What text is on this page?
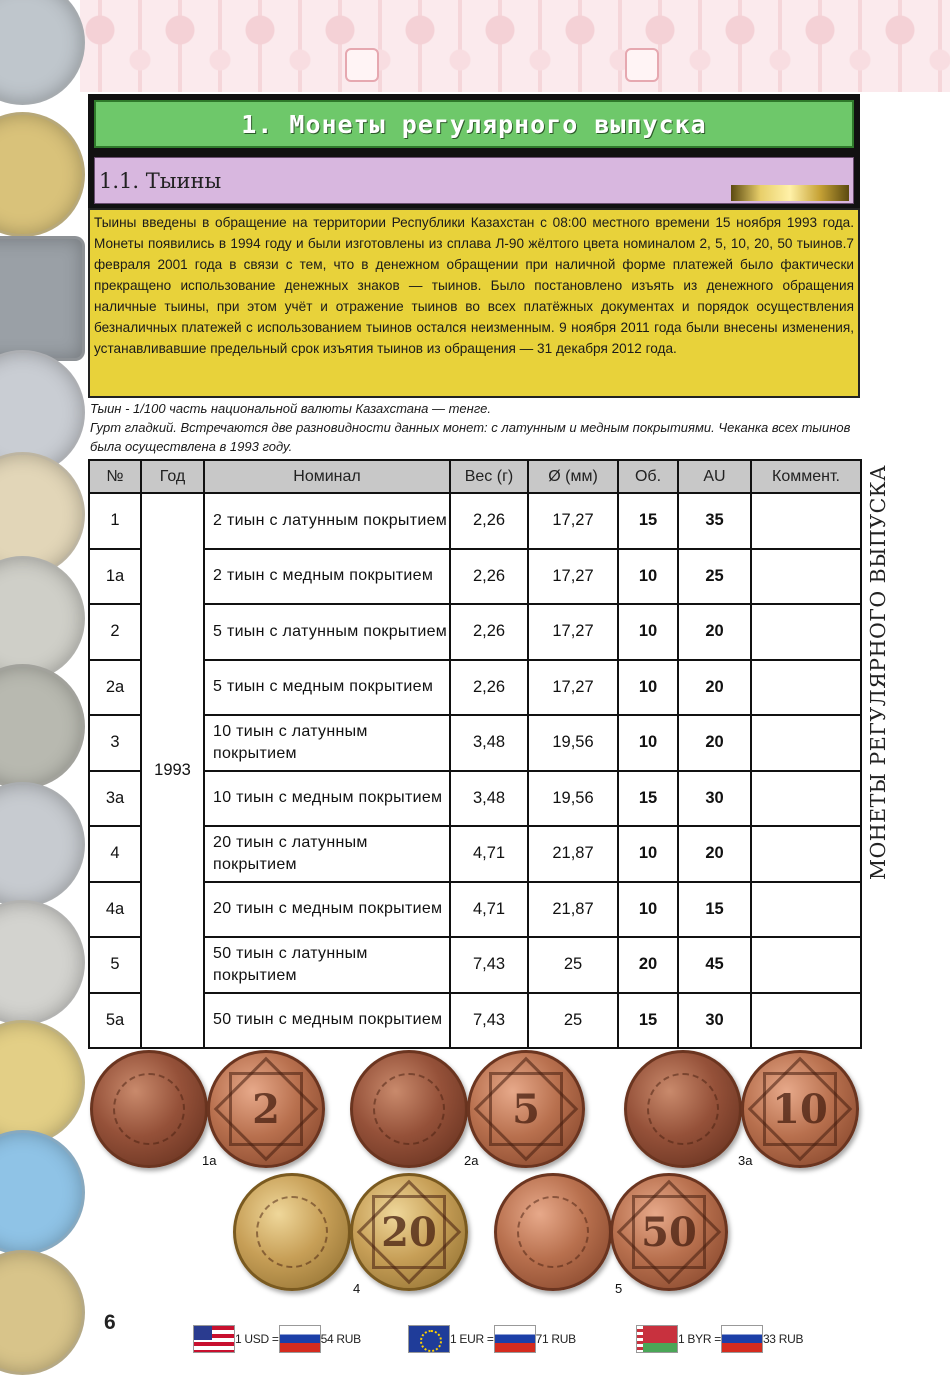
1. Монеты регулярного выпуска
1.1. Тыины
Тыины введены в обращение на территории Республики Казахстан с 08:00 местного времени 15 ноября 1993 года. Монеты появились в 1994 году и были изготовлены из сплава Л-90 жёлтого цвета номиналом 2, 5, 10, 20, 50 тыинов.7 февраля 2001 года в связи с тем, что в денежном обращении при наличной форме платежей было фактически прекращено использование денежных знаков — тыинов. Было постановлено изъять из денежного обращения наличные тыины, при этом учёт и отражение тыинов во всех платёжных документах и порядок осуществления безналичных платежей с использованием тыинов остался неизменным. 9 ноября 2011 года были внесены изменения, устанавливавшие предельный срок изъятия тыинов из обращения — 31 декабря 2012 года.
Тыин - 1/100 часть национальной валюты Казахстана — тенге.
Гурт гладкий. Встречаются две разновидности данных монет: с латунным и медным покрытиями. Чеканка всех тыинов была осуществлена в 1993 году.
№	Год	Номинал	Вес (г)	Ø (мм)	Об.	AU	Коммент.
1	1993	2 тиын с латунным покрытием	2,26	17,27	15	35	
1а		2 тиын с медным покрытием	2,26	17,27	10	25	
2		5 тиын с латунным покрытием	2,26	17,27	10	20	
2а		5 тиын с медным покрытием	2,26	17,27	10	20	
3		10 тиын с латунным покрытием	3,48	19,56	10	20	
3а		10 тиын с медным покрытием	3,48	19,56	15	30	
4		20 тиын с латунным покрытием	4,71	21,87	10	20	
4а		20 тиын с медным покрытием	4,71	21,87	10	15	
5		50 тиын с латунным покрытием	7,43	25	20	45	
5а		50 тиын с медным покрытием	7,43	25	15	30	
МОНЕТЫ РЕГУЛЯРНОГО ВЫПУСКА
2
1а
5
2а
10
3а
20
4
50
5
6
1 USD =	54 RUB	1 EUR =	71 RUB	1 BYR =	33 RUB
